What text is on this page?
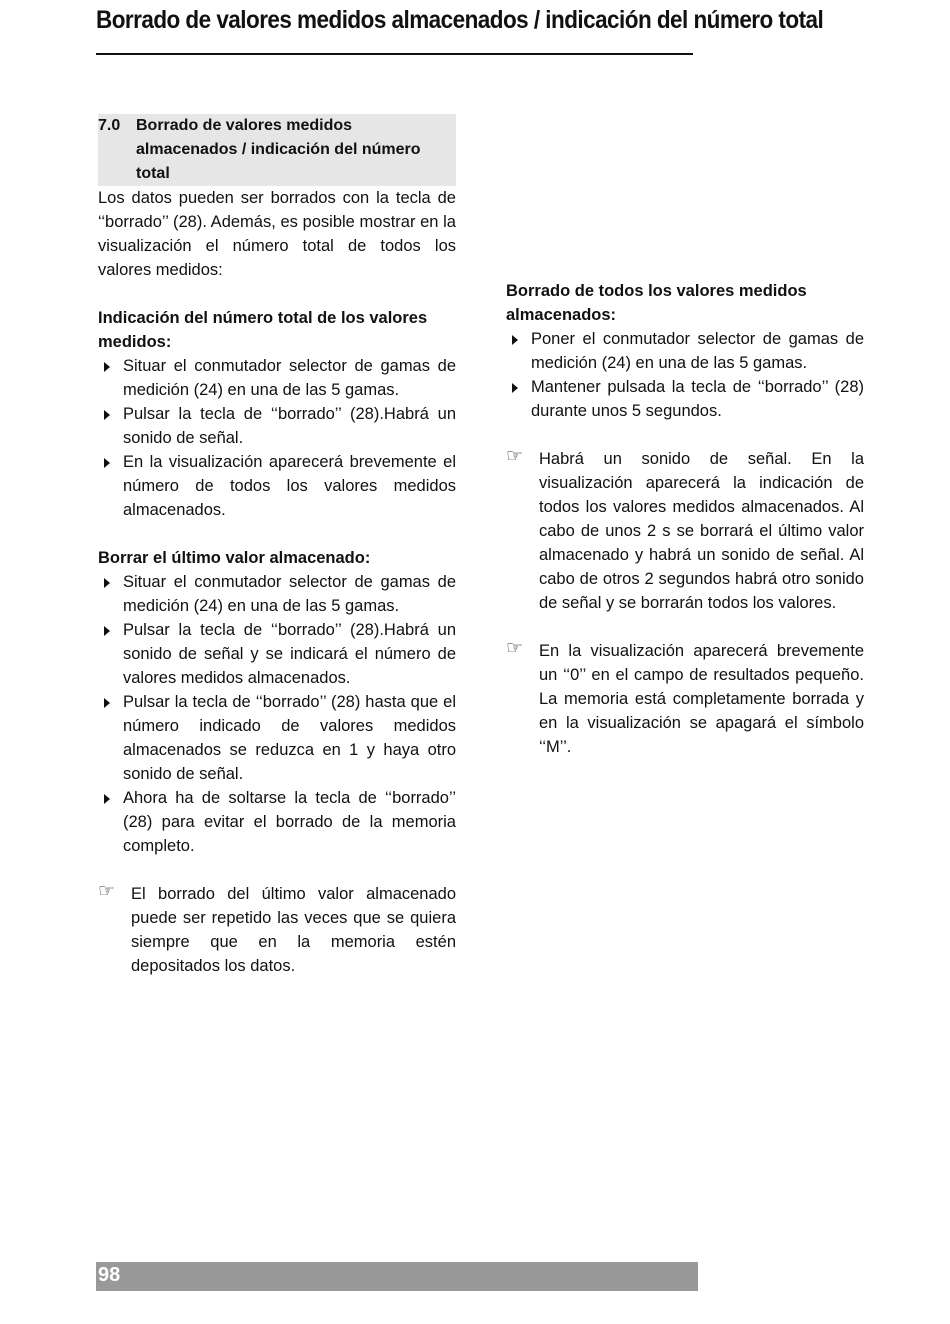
Borrado de valores medidos almacenados / indicación del número total
7.0 Borrado de valores medidos almacenados / indicación del número total

Los datos pueden ser borrados con la tecla de ‘‘borrado’’ (28). Además, es posible mostrar en la visualización el número total de todos los valores medidos:

Indicación del número total de los valores medidos:
Situar el conmutador selector de gamas de medición (24) en una de las 5 gamas.
Pulsar la tecla de ‘‘borrado’’ (28).Habrá un sonido de señal.
En la visualización aparecerá brevemente el número de todos los valores medidos almacenados.
Borrar el último valor almacenado:
Situar el conmutador selector de gamas de medición (24) en una de las 5 gamas.
Pulsar la tecla de ‘‘borrado’’ (28).Habrá un sonido de señal y se indicará el número de valores medidos almacenados.
Pulsar la tecla de ‘‘borrado’’ (28) hasta que el número indicado de valores medidos almacenados se reduzca en 1 y haya otro sonido de señal.
Ahora ha de soltarse la tecla de ‘‘borrado’’ (28) para evitar el borrado de la memoria completo.
☞ El borrado del último valor almacenado puede ser repetido las veces que se quiera siempre que en la memoria estén depositados los datos.
Borrado de todos los valores medidos almacenados:
Poner el conmutador selector de gamas de medición (24) en una de las 5 gamas.
Mantener pulsada la tecla de ‘‘borrado’’ (28) durante unos 5 segundos.
☞ Habrá un sonido de señal. En la visualización aparecerá la indicación de todos los valores medidos almacenados. Al cabo de unos 2 s se borrará el último valor almacenado y habrá un sonido de señal. Al cabo de otros 2 segundos habrá otro sonido de señal y se borrarán todos los valores.
☞ En la visualización aparecerá brevemente un ‘‘0’’ en el campo de resultados pequeño. La memoria está completamente borrada y en la visualización se apagará el símbolo ‘‘M’’.
98
